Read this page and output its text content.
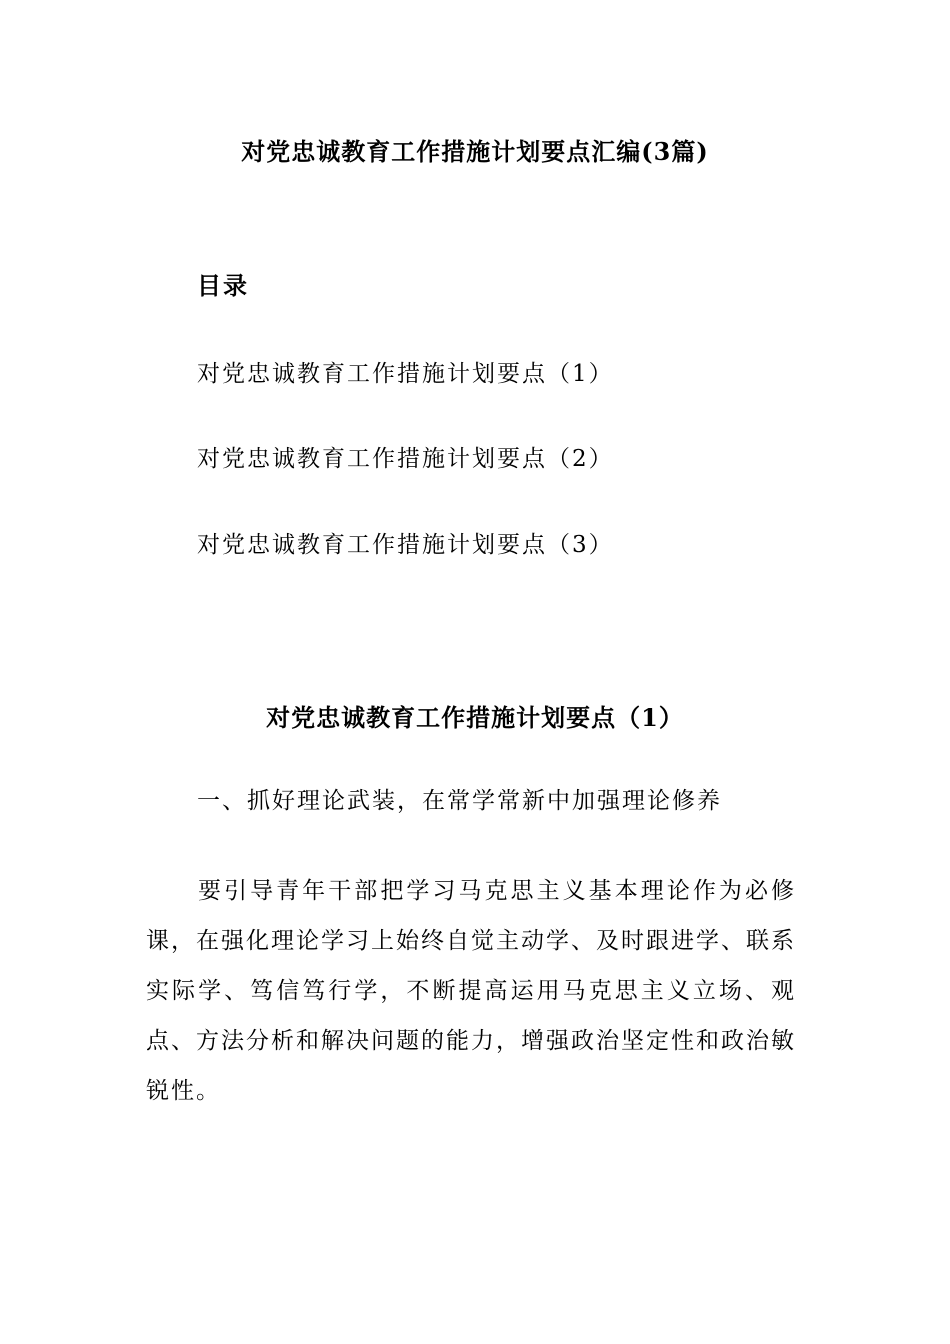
对党忠诚教育工作措施计划要点汇编(3篇)
目录
对党忠诚教育工作措施计划要点（1）
对党忠诚教育工作措施计划要点（2）
对党忠诚教育工作措施计划要点（3）
对党忠诚教育工作措施计划要点（1）
一、抓好理论武装，在常学常新中加强理论修养
要引导青年干部把学习马克思主义基本理论作为必修课，在强化理论学习上始终自觉主动学、及时跟进学、联系实际学、笃信笃行学，不断提高运用马克思主义立场、观点、方法分析和解决问题的能力，增强政治坚定性和政治敏锐性。
